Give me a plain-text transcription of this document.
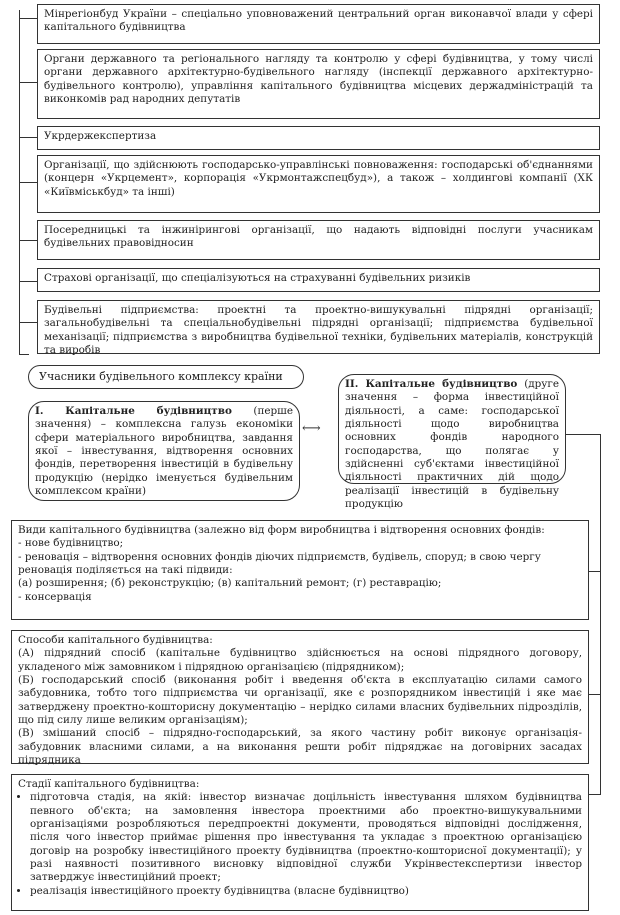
Мінрегіонбуд України – спеціально уповноважений центральний орган виконавчої влади у сфері капітального будівництва
Органи державного та регіонального нагляду та контролю у сфері будівництва, у тому числі органи державного архітектурно-будівельного нагляду (інспекції державного архітектурно-будівельного контролю), управління капітального будівництва місцевих держадміністрацій та виконкомів рад народних депутатів
Укрдержекспертиза
Організації, що здійснюють господарсько-управлінські повноваження: господарські об'єднаннями (концерн «Укрцемент», корпорація «Укрмонтажспецбуд»), а також – холдингові компанії (ХК «Київміськбуд» та інші)
Посередницькі та інжинірингові організації, що надають відповідні послуги учасникам будівельних правовідносин
Страхові організації, що спеціалізуються на страхуванні будівельних ризиків
Будівельні підприємства: проектні та проектно-вишукувальні підрядні організації; загальнобудівельні та спеціальнобудівельні підрядні організації; підприємства будівельної механізації; підприємства з виробництва будівельної техніки, будівельних матеріалів, конструкцій та виробів
Учасники будівельного комплексу країни
I. Капітальне будівництво (перше значення) – комплексна галузь економіки сфери матеріального виробництва, завдання якої – інвестування, відтворення основних фондів, перетворення інвестицій в будівельну продукцію (нерідко іменується будівельним комплексом країни)
⟷
II. Капітальне будівництво (друге значення – форма інвестиційної діяльності, а саме: господарської діяльності щодо виробництва основних фондів народного господарства, що полягає у здійсненні суб'єктами інвестиційної діяльності практичних дій щодо реалізації інвестицій в будівельну продукцію
Види капітального будівництва (залежно від форм виробництва і відтворення основних фондів:
- нове будівництво;
- реновація – відтворення основних фондів діючих підприємств, будівель, споруд; в свою чергу реновація поділяється на такі підвиди:
(а) розширення; (б) реконструкцію; (в) капітальний ремонт; (г) реставрацію;
- консервація
Способи капітального будівництва:
(А) підрядний спосіб (капітальне будівництво здійснюється на основі підрядного договору, укладеного між замовником і підрядною організацією (підрядником);
(Б) господарський спосіб (виконання робіт і введення об'єкта в експлуатацію силами самого забудовника, тобто того підприємства чи організації, яке є розпорядником інвестицій і яке має затверджену проектно-кошторисну документацію – нерідко силами власних будівельних підрозділів, що під силу лише великим організаціям);
(В) змішаний спосіб – підрядно-господарський, за якого частину робіт виконує організація-забудовник власними силами, а на виконання решти робіт підряджає на договірних засадах підрядника
Стадії капітального будівництва:
• підготовча стадія, на якій: інвестор визначає доцільність інвестування шляхом будівництва певного об'єкта; на замовлення інвестора проектними або проектно-вишукувальними організаціями розробляються передпроектні документи, проводяться відповідні дослідження, після чого інвестор приймає рішення про інвестування та укладає з проектною організацією договір на розробку інвестиційного проекту будівництва (проектно-кошторисної документації); у разі наявності позитивного висновку відповідної служби Укрінвестекспертизи інвестор затверджує інвестиційний проект;
• реалізація інвестиційного проекту будівництва (власне будівництво)
